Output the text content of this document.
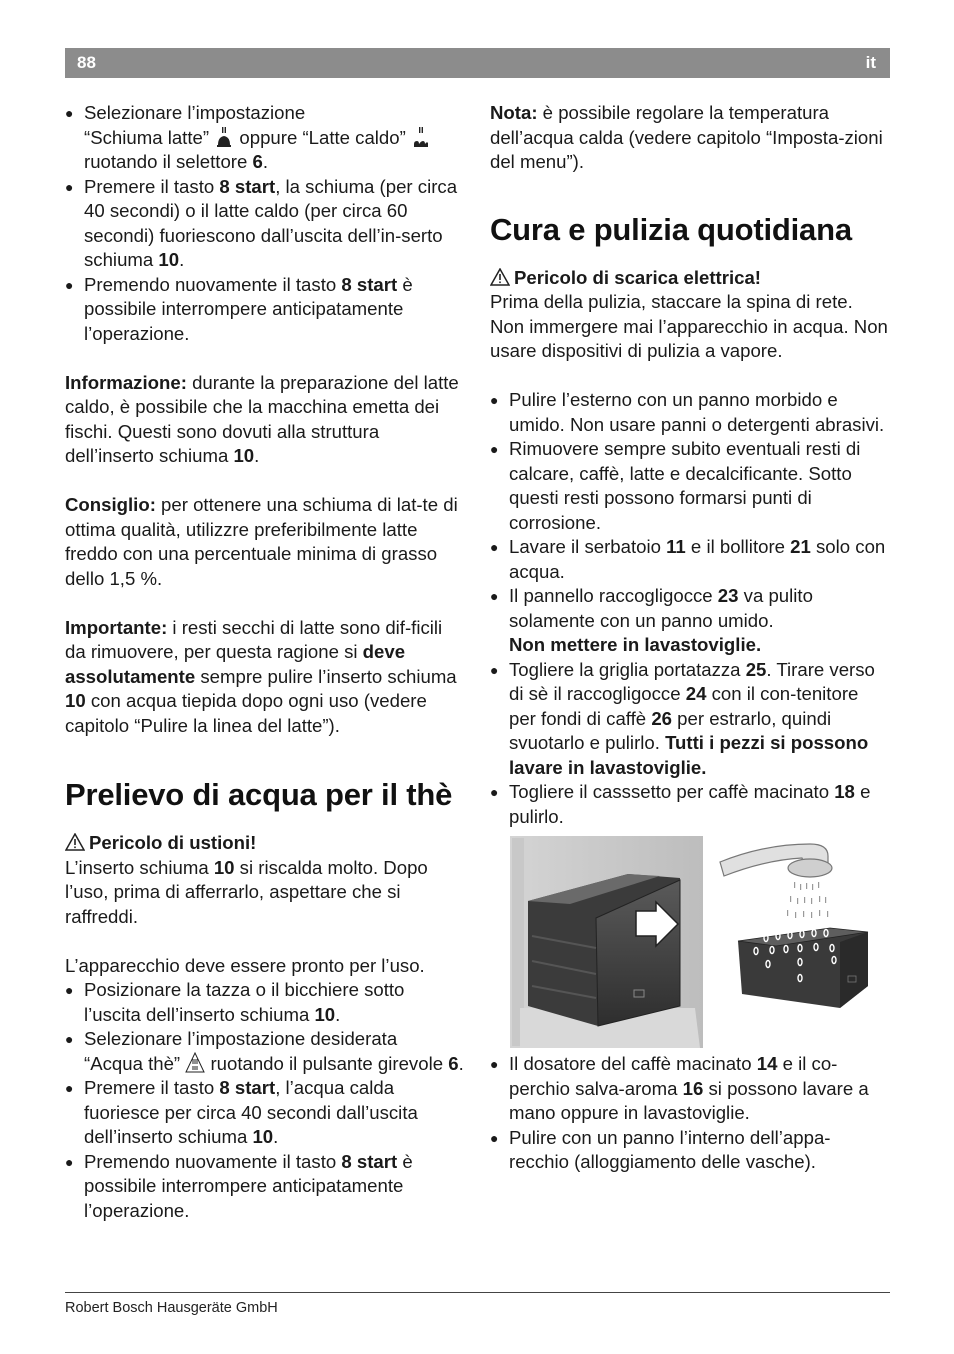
88	it
● Selezionare l’impostazione
“Schiuma latte”  oppure “Latte caldo”
ruotando il selettore 6.
● Premere il tasto 8 start, la schiuma (per circa 40 secondi) o il latte caldo (per circa 60 secondi) fuoriescono dall’uscita dell’in-serto schiuma 10.
● Premendo nuovamente il tasto 8 start è possibile interrompere anticipatamente l’operazione.

Informazione: durante la preparazione del latte caldo, è possibile che la macchina emetta dei fischi. Questi sono dovuti alla struttura dell’inserto schiuma 10.

Consiglio: per ottenere una schiuma di lat-te di ottima qualità, utilizzre preferibilmente latte freddo con una percentuale minima di grasso dello 1,5 %.

Importante: i resti secchi di latte sono dif-ficili da rimuovere, per questa ragione si deve assolutamente sempre pulire l’inserto schiuma 10 con acqua tiepida dopo ogni uso (vedere capitolo “Pulire la linea del latte”).

Prelievo di acqua per il thè

Pericolo di ustioni!
L’inserto schiuma 10 si riscalda molto. Dopo l’uso, prima di afferrarlo, aspettare che si raffreddi.

L’apparecchio deve essere pronto per l’uso.

● Posizionare la tazza o il bicchiere sotto l’uscita dell’inserto schiuma 10.
● Selezionare l’impostazione desiderata
“Acqua thè”  ruotando il pulsante girevole 6.
● Premere il tasto 8 start, l’acqua calda fuoriesce per circa 40 secondi dall’uscita dell’inserto schiuma 10.
● Premendo nuovamente il tasto 8 start è possibile interrompere anticipatamente l’operazione.

Nota: è possibile regolare la temperatura dell’acqua calda (vedere capitolo “Imposta-zioni del menu”).

Cura e pulizia quotidiana

Pericolo di scarica elettrica!
Prima della pulizia, staccare la spina di rete. Non immergere mai l’apparecchio in acqua. Non usare dispositivi di pulizia a vapore.

● Pulire l’esterno con un panno morbido e umido. Non usare panni o detergenti abrasivi.
● Rimuovere sempre subito eventuali resti di calcare, caffè, latte e decalcificante. Sotto questi resti possono formarsi punti di corrosione.
● Lavare il serbatoio 11 e il bollitore 21 solo con acqua.
● Il pannello raccogligocce 23 va pulito solamente con un panno umido.
Non mettere in lavastoviglie.
● Togliere la griglia portatazza 25. Tirare verso di sè il raccogligocce 24 con il con-tenitore per fondi di caffè 26 per estrarlo, quindi svuotarlo e pulirlo. Tutti i pezzi si possono lavare in lavastoviglie.
● Togliere il casssetto per caffè macinato 18 e pulirlo.
● Il dosatore del caffè macinato 14 e il co-perchio salva-aroma 16 si possono lavare a mano oppure in lavastoviglie.
● Pulire con un panno l’interno dell’appa-recchio (alloggiamento delle vasche).
Robert Bosch Hausgeräte GmbH
